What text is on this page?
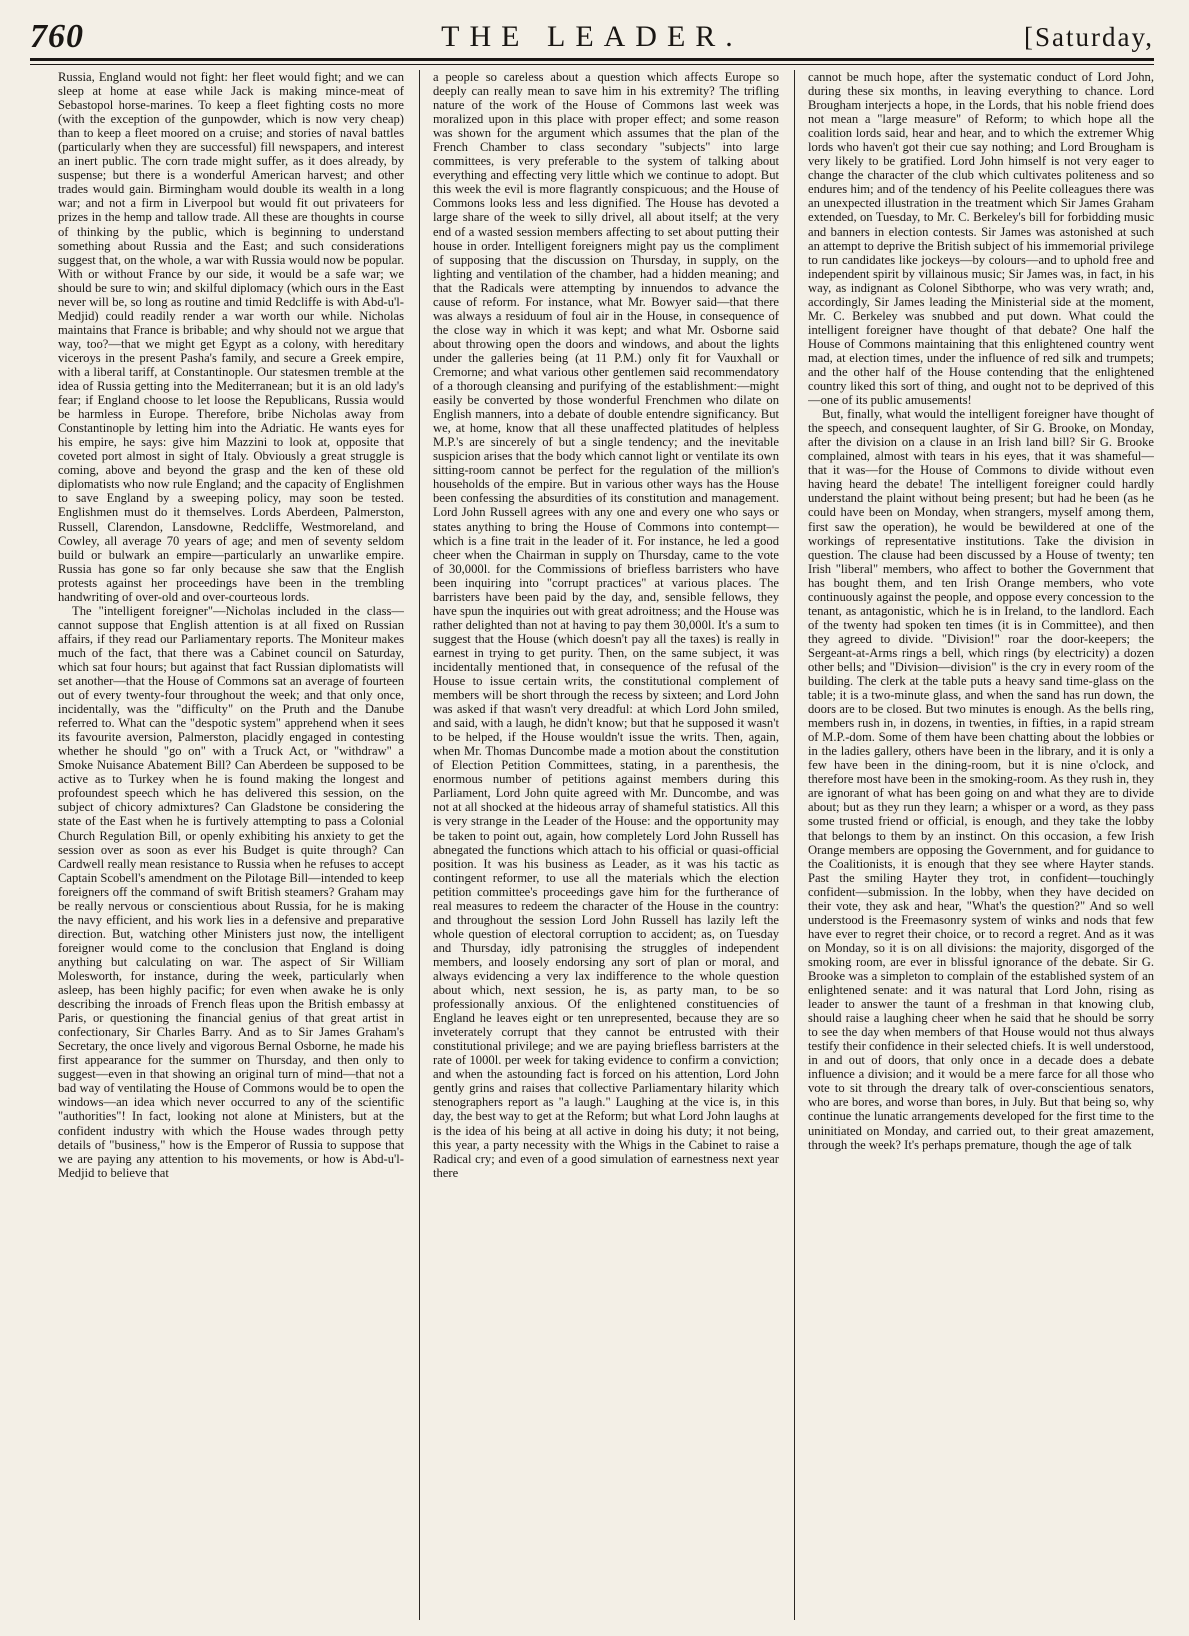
760	THE LEADER.	[Saturday,

Russia, England would not fight: her fleet would fight; and we can sleep at home at ease while Jack is making mince-meat of Sebastopol horse-marines. To keep a fleet fighting costs no more (with the exception of the gunpowder, which is now very cheap) than to keep a fleet moored on a cruise; and stories of naval battles (particularly when they are successful) fill newspapers, and interest an inert public. The corn trade might suffer, as it does already, by suspense; but there is a wonderful American harvest; and other trades would gain. Birmingham would double its wealth in a long war; and not a firm in Liverpool but would fit out privateers for prizes in the hemp and tallow trade. All these are thoughts in course of thinking by the public, which is beginning to understand something about Russia and the East; and such considerations suggest that, on the whole, a war with Russia would now be popular. With or without France by our side, it would be a safe war; we should be sure to win; and skilful diplomacy (which ours in the East never will be, so long as routine and timid Redcliffe is with Abd-u'l-Medjid) could readily render a war worth our while. Nicholas maintains that France is bribable; and why should not we argue that way, too?—that we might get Egypt as a colony, with hereditary viceroys in the present Pasha's family, and secure a Greek empire, with a liberal tariff, at Constantinople. Our statesmen tremble at the idea of Russia getting into the Mediterranean; but it is an old lady's fear; if England choose to let loose the Republicans, Russia would be harmless in Europe. Therefore, bribe Nicholas away from Constantinople by letting him into the Adriatic. He wants eyes for his empire, he says: give him Mazzini to look at, opposite that coveted port almost in sight of Italy. Obviously a great struggle is coming, above and beyond the grasp and the ken of these old diplomatists who now rule England; and the capacity of Englishmen to save England by a sweeping policy, may soon be tested. Englishmen must do it themselves. Lords Aberdeen, Palmerston, Russell, Clarendon, Lansdowne, Redcliffe, Westmoreland, and Cowley, all average 70 years of age; and men of seventy seldom build or bulwark an empire—particularly an unwarlike empire. Russia has gone so far only because she saw that the English protests against her proceedings have been in the trembling handwriting of over-old and over-courteous lords.

The "intelligent foreigner"—Nicholas included in the class—cannot suppose that English attention is at all fixed on Russian affairs, if they read our Parliamentary reports. The Moniteur makes much of the fact, that there was a Cabinet council on Saturday, which sat four hours; but against that fact Russian diplomatists will set another—that the House of Commons sat an average of fourteen out of every twenty-four throughout the week; and that only once, incidentally, was the "difficulty" on the Pruth and the Danube referred to. What can the "despotic system" apprehend when it sees its favourite aversion, Palmerston, placidly engaged in contesting whether he should "go on" with a Truck Act, or "withdraw" a Smoke Nuisance Abatement Bill? Can Aberdeen be supposed to be active as to Turkey when he is found making the longest and profoundest speech which he has delivered this session, on the subject of chicory admixtures? Can Gladstone be considering the state of the East when he is furtively attempting to pass a Colonial Church Regulation Bill, or openly exhibiting his anxiety to get the session over as soon as ever his Budget is quite through? Can Cardwell really mean resistance to Russia when he refuses to accept Captain Scobell's amendment on the Pilotage Bill—intended to keep foreigners off the command of swift British steamers? Graham may be really nervous or conscientious about Russia, for he is making the navy efficient, and his work lies in a defensive and preparative direction. But, watching other Ministers just now, the intelligent foreigner would come to the conclusion that England is doing anything but calculating on war. The aspect of Sir William Molesworth, for instance, during the week, particularly when asleep, has been highly pacific; for even when awake he is only describing the inroads of French fleas upon the British embassy at Paris, or questioning the financial genius of that great artist in confectionary, Sir Charles Barry. And as to Sir James Graham's Secretary, the once lively and vigorous Bernal Osborne, he made his first appearance for the summer on Thursday, and then only to suggest—even in that showing an original turn of mind—that not a bad way of ventilating the House of Commons would be to open the windows—an idea which never occurred to any of the scientific "authorities"! In fact, looking not alone at Ministers, but at the confident industry with which the House wades through petty details of "business," how is the Emperor of Russia to suppose that we are paying any attention to his movements, or how is Abd-u'l-Medjid to believe that

a people so careless about a question which affects Europe so deeply can really mean to save him in his extremity? The trifling nature of the work of the House of Commons last week was moralized upon in this place with proper effect; and some reason was shown for the argument which assumes that the plan of the French Chamber to class secondary "subjects" into large committees, is very preferable to the system of talking about everything and effecting very little which we continue to adopt. But this week the evil is more flagrantly conspicuous; and the House of Commons looks less and less dignified. The House has devoted a large share of the week to silly drivel, all about itself; at the very end of a wasted session members affecting to set about putting their house in order. Intelligent foreigners might pay us the compliment of supposing that the discussion on Thursday, in supply, on the lighting and ventilation of the chamber, had a hidden meaning; and that the Radicals were attempting by innuendos to advance the cause of reform. For instance, what Mr. Bowyer said—that there was always a residuum of foul air in the House, in consequence of the close way in which it was kept; and what Mr. Osborne said about throwing open the doors and windows, and about the lights under the galleries being (at 11 P.M.) only fit for Vauxhall or Cremorne; and what various other gentlemen said recommendatory of a thorough cleansing and purifying of the establishment:—might easily be converted by those wonderful Frenchmen who dilate on English manners, into a debate of double entendre significancy. But we, at home, know that all these unaffected platitudes of helpless M.P.'s are sincerely of but a single tendency; and the inevitable suspicion arises that the body which cannot light or ventilate its own sitting-room cannot be perfect for the regulation of the million's households of the empire. But in various other ways has the House been confessing the absurdities of its constitution and management. Lord John Russell agrees with any one and every one who says or states anything to bring the House of Commons into contempt—which is a fine trait in the leader of it. For instance, he led a good cheer when the Chairman in supply on Thursday, came to the vote of 30,000l. for the Commissions of briefless barristers who have been inquiring into "corrupt practices" at various places. The barristers have been paid by the day, and, sensible fellows, they have spun the inquiries out with great adroitness; and the House was rather delighted than not at having to pay them 30,000l. It's a sum to suggest that the House (which doesn't pay all the taxes) is really in earnest in trying to get purity. Then, on the same subject, it was incidentally mentioned that, in consequence of the refusal of the House to issue certain writs, the constitutional complement of members will be short through the recess by sixteen; and Lord John was asked if that wasn't very dreadful: at which Lord John smiled, and said, with a laugh, he didn't know; but that he supposed it wasn't to be helped, if the House wouldn't issue the writs. Then, again, when Mr. Thomas Duncombe made a motion about the constitution of Election Petition Committees, stating, in a parenthesis, the enormous number of petitions against members during this Parliament, Lord John quite agreed with Mr. Duncombe, and was not at all shocked at the hideous array of shameful statistics. All this is very strange in the Leader of the House: and the opportunity may be taken to point out, again, how completely Lord John Russell has abnegated the functions which attach to his official or quasi-official position. It was his business as Leader, as it was his tactic as contingent reformer, to use all the materials which the election petition committee's proceedings gave him for the furtherance of real measures to redeem the character of the House in the country: and throughout the session Lord John Russell has lazily left the whole question of electoral corruption to accident; as, on Tuesday and Thursday, idly patronising the struggles of independent members, and loosely endorsing any sort of plan or moral, and always evidencing a very lax indifference to the whole question about which, next session, he is, as party man, to be so professionally anxious. Of the enlightened constituencies of England he leaves eight or ten unrepresented, because they are so inveterately corrupt that they cannot be entrusted with their constitutional privilege; and we are paying briefless barristers at the rate of 1000l. per week for taking evidence to confirm a conviction; and when the astounding fact is forced on his attention, Lord John gently grins and raises that collective Parliamentary hilarity which stenographers report as "a laugh." Laughing at the vice is, in this day, the best way to get at the Reform; but what Lord John laughs at is the idea of his being at all active in doing his duty; it not being, this year, a party necessity with the Whigs in the Cabinet to raise a Radical cry; and even of a good simulation of earnestness next year there

cannot be much hope, after the systematic conduct of Lord John, during these six months, in leaving everything to chance. Lord Brougham interjects a hope, in the Lords, that his noble friend does not mean a "large measure" of Reform; to which hope all the coalition lords said, hear and hear, and to which the extremer Whig lords who haven't got their cue say nothing; and Lord Brougham is very likely to be gratified. Lord John himself is not very eager to change the character of the club which cultivates politeness and so endures him; and of the tendency of his Peelite colleagues there was an unexpected illustration in the treatment which Sir James Graham extended, on Tuesday, to Mr. C. Berkeley's bill for forbidding music and banners in election contests. Sir James was astonished at such an attempt to deprive the British subject of his immemorial privilege to run candidates like jockeys—by colours—and to uphold free and independent spirit by villainous music; Sir James was, in fact, in his way, as indignant as Colonel Sibthorpe, who was very wrath; and, accordingly, Sir James leading the Ministerial side at the moment, Mr. C. Berkeley was snubbed and put down. What could the intelligent foreigner have thought of that debate? One half the House of Commons maintaining that this enlightened country went mad, at election times, under the influence of red silk and trumpets; and the other half of the House contending that the enlightened country liked this sort of thing, and ought not to be deprived of this—one of its public amusements!

But, finally, what would the intelligent foreigner have thought of the speech, and consequent laughter, of Sir G. Brooke, on Monday, after the division on a clause in an Irish land bill? Sir G. Brooke complained, almost with tears in his eyes, that it was shameful—that it was—for the House of Commons to divide without even having heard the debate! The intelligent foreigner could hardly understand the plaint without being present; but had he been (as he could have been on Monday, when strangers, myself among them, first saw the operation), he would be bewildered at one of the workings of representative institutions. Take the division in question. The clause had been discussed by a House of twenty; ten Irish "liberal" members, who affect to bother the Government that has bought them, and ten Irish Orange members, who vote continuously against the people, and oppose every concession to the tenant, as antagonistic, which he is in Ireland, to the landlord. Each of the twenty had spoken ten times (it is in Committee), and then they agreed to divide. "Division!" roar the door-keepers; the Sergeant-at-Arms rings a bell, which rings (by electricity) a dozen other bells; and "Division—division" is the cry in every room of the building. The clerk at the table puts a heavy sand time-glass on the table; it is a two-minute glass, and when the sand has run down, the doors are to be closed. But two minutes is enough. As the bells ring, members rush in, in dozens, in twenties, in fifties, in a rapid stream of M.P.-dom. Some of them have been chatting about the lobbies or in the ladies gallery, others have been in the library, and it is only a few have been in the dining-room, but it is nine o'clock, and therefore most have been in the smoking-room. As they rush in, they are ignorant of what has been going on and what they are to divide about; but as they run they learn; a whisper or a word, as they pass some trusted friend or official, is enough, and they take the lobby that belongs to them by an instinct. On this occasion, a few Irish Orange members are opposing the Government, and for guidance to the Coalitionists, it is enough that they see where Hayter stands. Past the smiling Hayter they trot, in confident—touchingly confident—submission. In the lobby, when they have decided on their vote, they ask and hear, "What's the question?" And so well understood is the Freemasonry system of winks and nods that few have ever to regret their choice, or to record a regret. And as it was on Monday, so it is on all divisions: the majority, disgorged of the smoking room, are ever in blissful ignorance of the debate. Sir G. Brooke was a simpleton to complain of the established system of an enlightened senate: and it was natural that Lord John, rising as leader to answer the taunt of a freshman in that knowing club, should raise a laughing cheer when he said that he should be sorry to see the day when members of that House would not thus always testify their confidence in their selected chiefs. It is well understood, in and out of doors, that only once in a decade does a debate influence a division; and it would be a mere farce for all those who vote to sit through the dreary talk of over-conscientious senators, who are bores, and worse than bores, in July. But that being so, why continue the lunatic arrangements developed for the first time to the uninitiated on Monday, and carried out, to their great amazement, through the week? It's perhaps premature, though the age of talk
